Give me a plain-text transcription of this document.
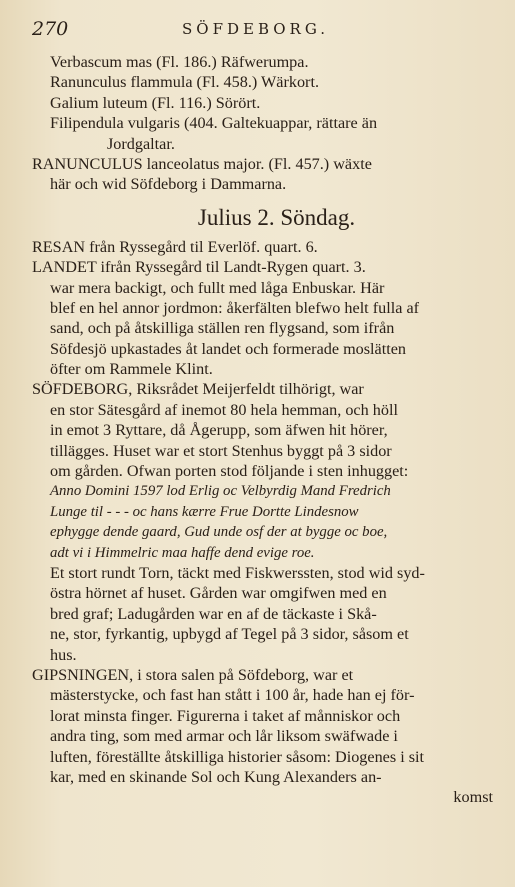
270	SÖFDEBORG.
Verbascum mas (Fl. 186.) Räfwerumpa.
Ranunculus flammula (Fl. 458.) Wärkort.
Galium luteum (Fl. 116.) Sörört.
Filipendula vulgaris (404. Galtekuappar, rättare än
Jordgaltar.
RANUNCULUS lanceolatus major. (Fl. 457.) wäxte
här och wid Söfdeborg i Dammarna.
Julius 2. Söndag.
RESAN från Ryssegård til Everlöf. quart. 6.
LANDET ifrån Ryssegård til Landt-Rygen quart. 3.
war mera backigt, och fullt med låga Enbuskar. Här
blef en hel annor jordmon: åkerfälten blefwo helt fulla af
sand, och på åtskilliga ställen ren flygsand, som ifrån
Söfdesjö upkastades åt landet och formerade moslätten
öfter om Rammele Klint.
SÖFDEBORG, Riksrådet Meijerfeldt tilhörigt, war
en stor Sätesgård af inemot 80 hela hemman, och höll
in emot 3 Ryttare, då Ågerupp, som äfwen hit hörer,
tillägges. Huset war et stort Stenhus byggt på 3 sidor
om gården. Ofwan porten stod följande i sten inhugget:
Anno Domini 1597 lod Erlig oc Velbyrdig Mand Fredrich
Lunge til - - - oc hans kærre Frue Dortte Lindesnow
ephygge dende gaard, Gud unde osf der at bygge oc boe,
adt vi i Himmelric maa haffe dend evige roe.
Et stort rundt Torn, täckt med Fiskwerssten, stod wid syd-
östra hörnet af huset. Gården war omgifwen med en
bred graf; Ladugården war en af de täckaste i Skå-
ne, stor, fyrkantig, upbygd af Tegel på 3 sidor, såsom et
hus.
GIPSNINGEN, i stora salen på Söfdeborg, war et
mästerstycke, och fast han stått i 100 år, hade han ej för-
lorat minsta finger. Figurerna i taket af månniskor och
andra ting, som med armar och lår liksom swäfwade i
luften, föreställte åtskilliga historier såsom: Diogenes i sit
kar, med en skinande Sol och Kung Alexanders an-
komst
